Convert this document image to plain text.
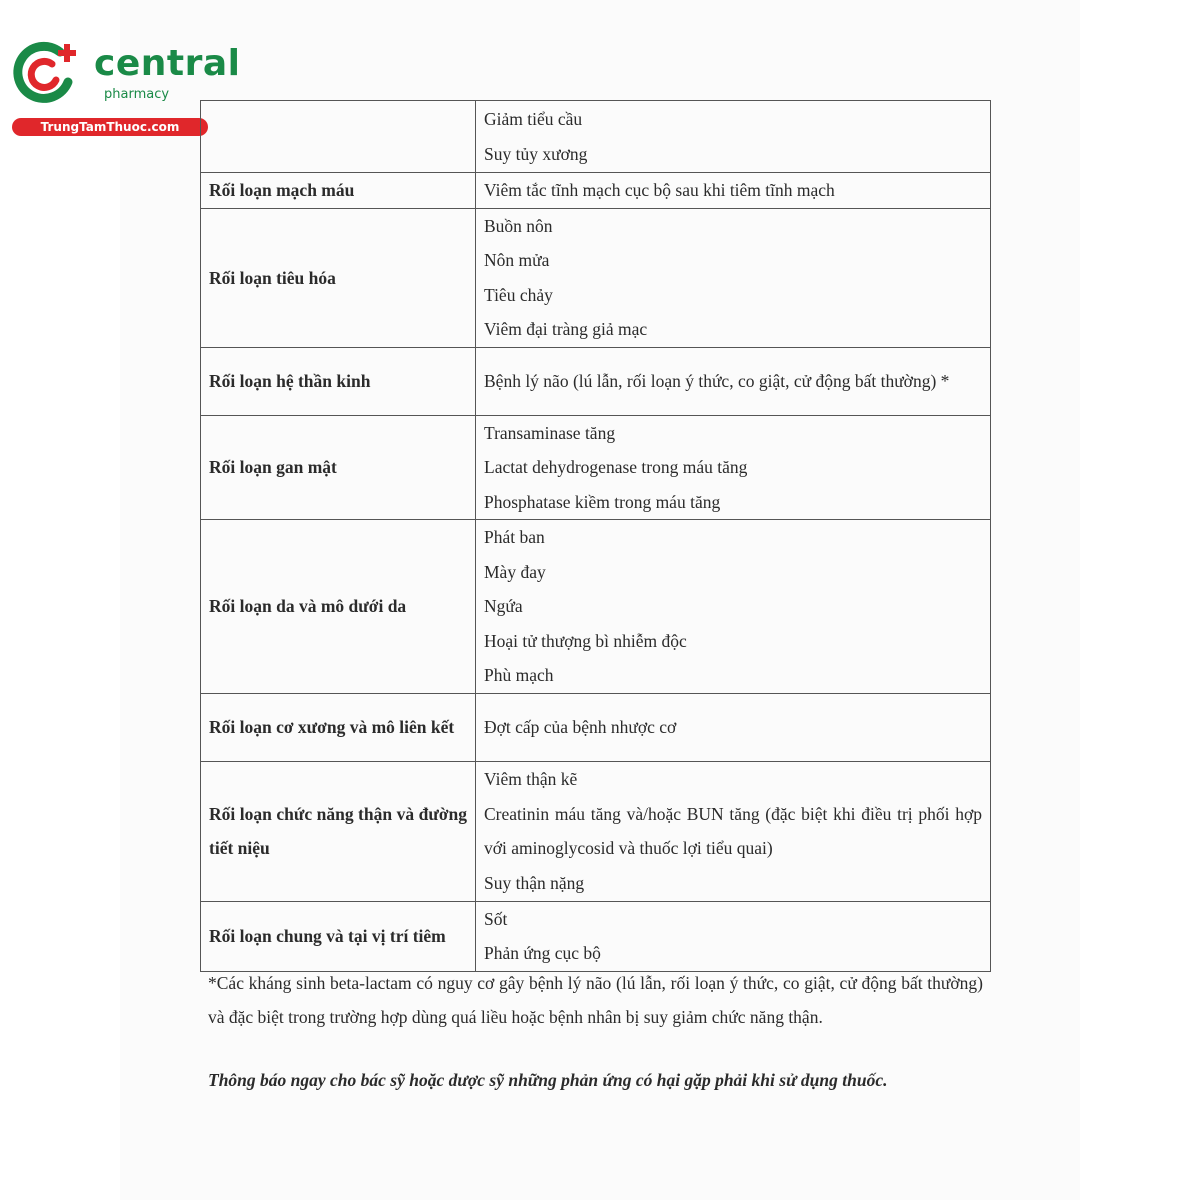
central
pharmacy
TrungTamThuoc.com

	Giảm tiểu cầu
Suy tủy xương

Rối loạn mạch máu	Viêm tắc tĩnh mạch cục bộ sau khi tiêm tĩnh mạch

Rối loạn tiêu hóa	Buồn nôn
Nôn mửa
Tiêu chảy
Viêm đại tràng giả mạc

Rối loạn hệ thần kinh	Bệnh lý não (lú lẫn, rối loạn ý thức, co giật, cử động bất thường) *

Rối loạn gan mật	Transaminase tăng
Lactat dehydrogenase trong máu tăng
Phosphatase kiềm trong máu tăng

Rối loạn da và mô dưới da	Phát ban
Mày đay
Ngứa
Hoại tử thượng bì nhiễm độc
Phù mạch

Rối loạn cơ xương và mô liên kết	Đợt cấp của bệnh nhược cơ

Rối loạn chức năng thận và đường tiết niệu	Viêm thận kẽ
Creatinin máu tăng và/hoặc BUN tăng (đặc biệt khi điều trị phối hợp với aminoglycosid và thuốc lợi tiểu quai)
Suy thận nặng

Rối loạn chung và tại vị trí tiêm	Sốt
Phản ứng cục bộ
*Các kháng sinh beta-lactam có nguy cơ gây bệnh lý não (lú lẫn, rối loạn ý thức, co giật, cử động bất thường) và đặc biệt trong trường hợp dùng quá liều hoặc bệnh nhân bị suy giảm chức năng thận.
Thông báo ngay cho bác sỹ hoặc dược sỹ những phản ứng có hại gặp phải khi sử dụng thuốc.
